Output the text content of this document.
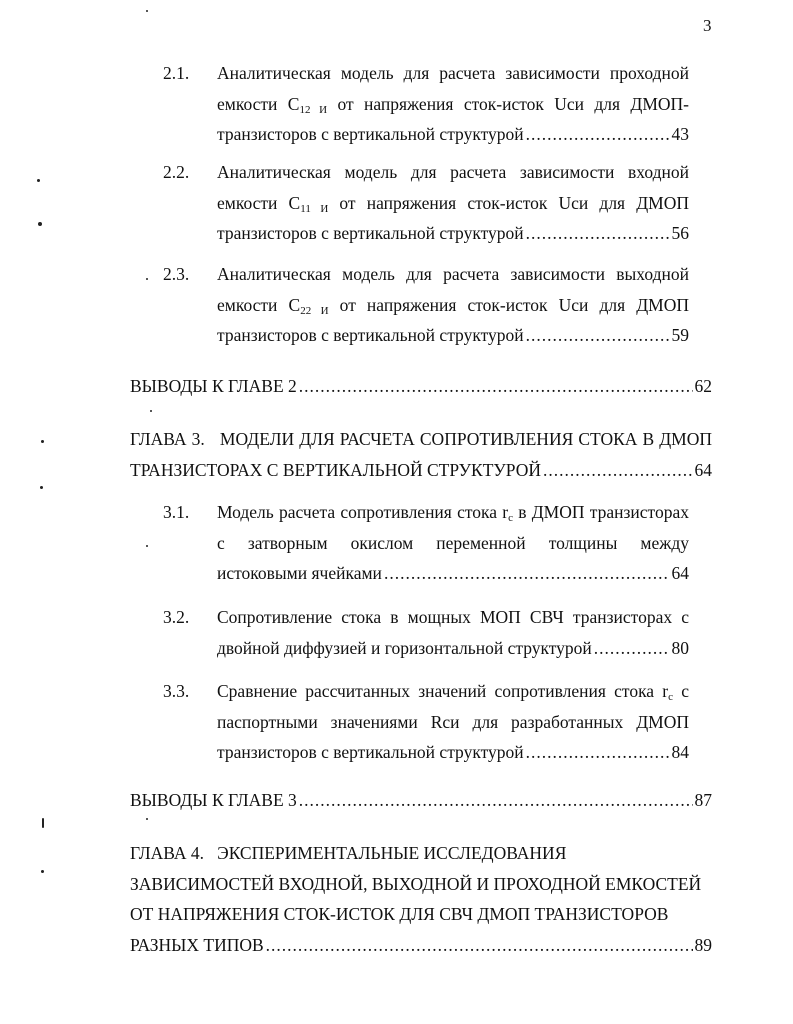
3
2.1. Аналитическая модель для расчета зависимости проходной
емкости $C_{12 И}$ от напряжения сток-исток Uси для ДМОП-
транзисторов с вертикальной структурой .....	43
2.2. Аналитическая модель для расчета зависимости входной
емкости $C_{11 И}$ от напряжения сток-исток Uси для ДМОП
транзисторов с вертикальной структурой .....	56
2.3. Аналитическая модель для расчета зависимости выходной
емкости $C_{22 И}$ от напряжения сток-исток Uси для ДМОП
транзисторов с вертикальной структурой .....	59
ВЫВОДЫ К ГЛАВЕ 2 .....	62
ГЛАВА 3.   МОДЕЛИ ДЛЯ РАСЧЕТА СОПРОТИВЛЕНИЯ СТОКА В ДМОП
ТРАНЗИСТОРАХ С ВЕРТИКАЛЬНОЙ СТРУКТУРОЙ .....	64
3.1. Модель расчета сопротивления стока $r_с$ в ДМОП транзисторах
с затворным окислом переменной толщины между
истоковыми ячейками .....	64
3.2. Сопротивление стока в мощных МОП СВЧ транзисторах с
двойной диффузией и горизонтальной структурой .....	80
3.3. Сравнение рассчитанных значений сопротивления стока $r_с$ с
паспортными значениями Rси для разработанных ДМОП
транзисторов с вертикальной структурой .....	84
ВЫВОДЫ К ГЛАВЕ 3 .....	87
ГЛАВА 4.   ЭКСПЕРИМЕНТАЛЬНЫЕ ИССЛЕДОВАНИЯ
ЗАВИСИМОСТЕЙ ВХОДНОЙ, ВЫХОДНОЙ И ПРОХОДНОЙ ЕМКОСТЕЙ
ОТ НАПРЯЖЕНИЯ СТОК-ИСТОК ДЛЯ СВЧ ДМОП ТРАНЗИСТОРОВ
РАЗНЫХ ТИПОВ .....	89
